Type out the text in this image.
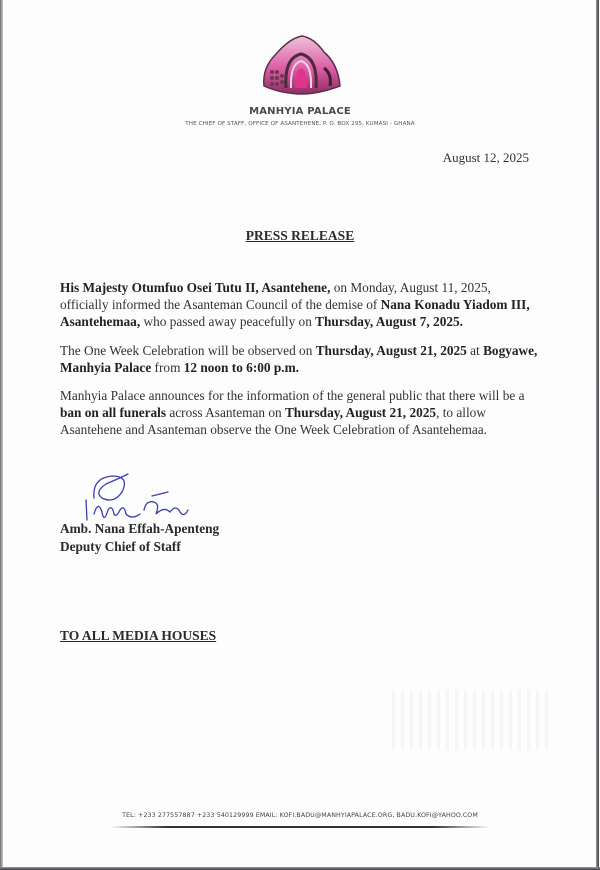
MANHYIA PALACE
THE CHIEF OF STAFF, OFFICE OF ASANTEHENE, P. O. BOX 295, KUMASI - GHANA
August 12, 2025
PRESS RELEASE
His Majesty Otumfuo Osei Tutu II, Asantehene, on Monday, August 11, 2025, officially informed the Asanteman Council of the demise of Nana Konadu Yiadom III, Asantehemaa, who passed away peacefully on Thursday, August 7, 2025.
The One Week Celebration will be observed on Thursday, August 21, 2025 at Bogyawe, Manhyia Palace from 12 noon to 6:00 p.m.
Manhyia Palace announces for the information of the general public that there will be a ban on all funerals across Asanteman on Thursday, August 21, 2025, to allow Asantehene and Asanteman observe the One Week Celebration of Asantehemaa.
Amb. Nana Effah-Apenteng
Deputy Chief of Staff
TO ALL MEDIA HOUSES
TEL: +233 277557887 +233 540129999 EMAIL: KOFI.BADU@MANHYIAPALACE.ORG, BADU.KOFI@YAHOO.COM
